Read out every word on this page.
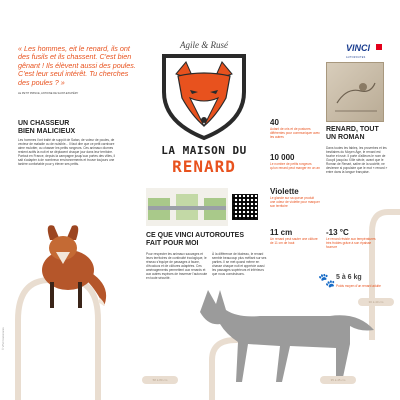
Agile & Rusé	VINCI
AUTOROUTES
« Les hommes, eit le renard, ils ont des fusils et ils chassent. C'est bien gênant ! Ils élèvent aussi des poules. C'est leur seul intérêt. Tu cherches des poules ? »
LE PETIT PRINCE, ANTOINE DE SAINT-EXUPÉRY
LA MAISON DU
RENARD
UN CHASSEUR BIEN MALICIEUX
Les hommes l'ont traité de suppôt de Satan, de voleur de poules, de vecteur de maladie ou de nuisible... Il faut dire que ce petit carnivore aime mulotter, ou chasser les petits rongeurs. Ces animaux diurnes restent actifs la nuit et se déplacent chaque jour dans leur territoire. Partout en France, depuis la campagne jusqu'aux portes des villes, il sait s'adapter à de nombreux environnements et trouve toujours une tanière confortable pour y élever ses petits.
40
Autant de cris et de postures différentes pour communiquer avec les autres
10 000
Le nombre de petits rongeurs qu'un renard peut manger en un an
Violette
Le glande sur sa queue produit une odeur de violette pour marquer son territoire
RENARD, TOUT UN ROMAN
Dans toutes les fables, les proverbes et les bestiaires du Moyen Âge, le renard est fourbe et rusé. Il porte d'ailleurs le nom de Goupil jusqu'au XIIIe siècle, avant que le Roman de Renart, satire de la société, ne devienne si populaire que le mot « renard » entre dans la langue française.
CE QUE VINCI AUTOROUTES FAIT POUR MOI
Pour respecter les animaux sauvages et leurs territoires de continuité écologique, le réseau s'équipe de passages à faune, d'écoducs et de clôtures adaptées. Ces aménagements permettent aux renards et aux autres espèces de traverser l'autoroute en toute sécurité.
À la différence de blaireau, le renard semble beaucoup plus méfiant sur ses parties. Il se met quand même en chasse chaque nuit et apprécie aussi les passages supérieurs et inférieurs que nous construisons.
11 cm
Un renard peut sauter une clôture de 11 cm de haut
-13 °C
Le renard résiste aux températures très froides grâce à son épaisse fourrure
🐾 5 à 6 kg
Poids moyen d'un renard adulte
58 à 80 cm	35 à 45 cm
30 à 40 cm
© VINCI Autoroutes
